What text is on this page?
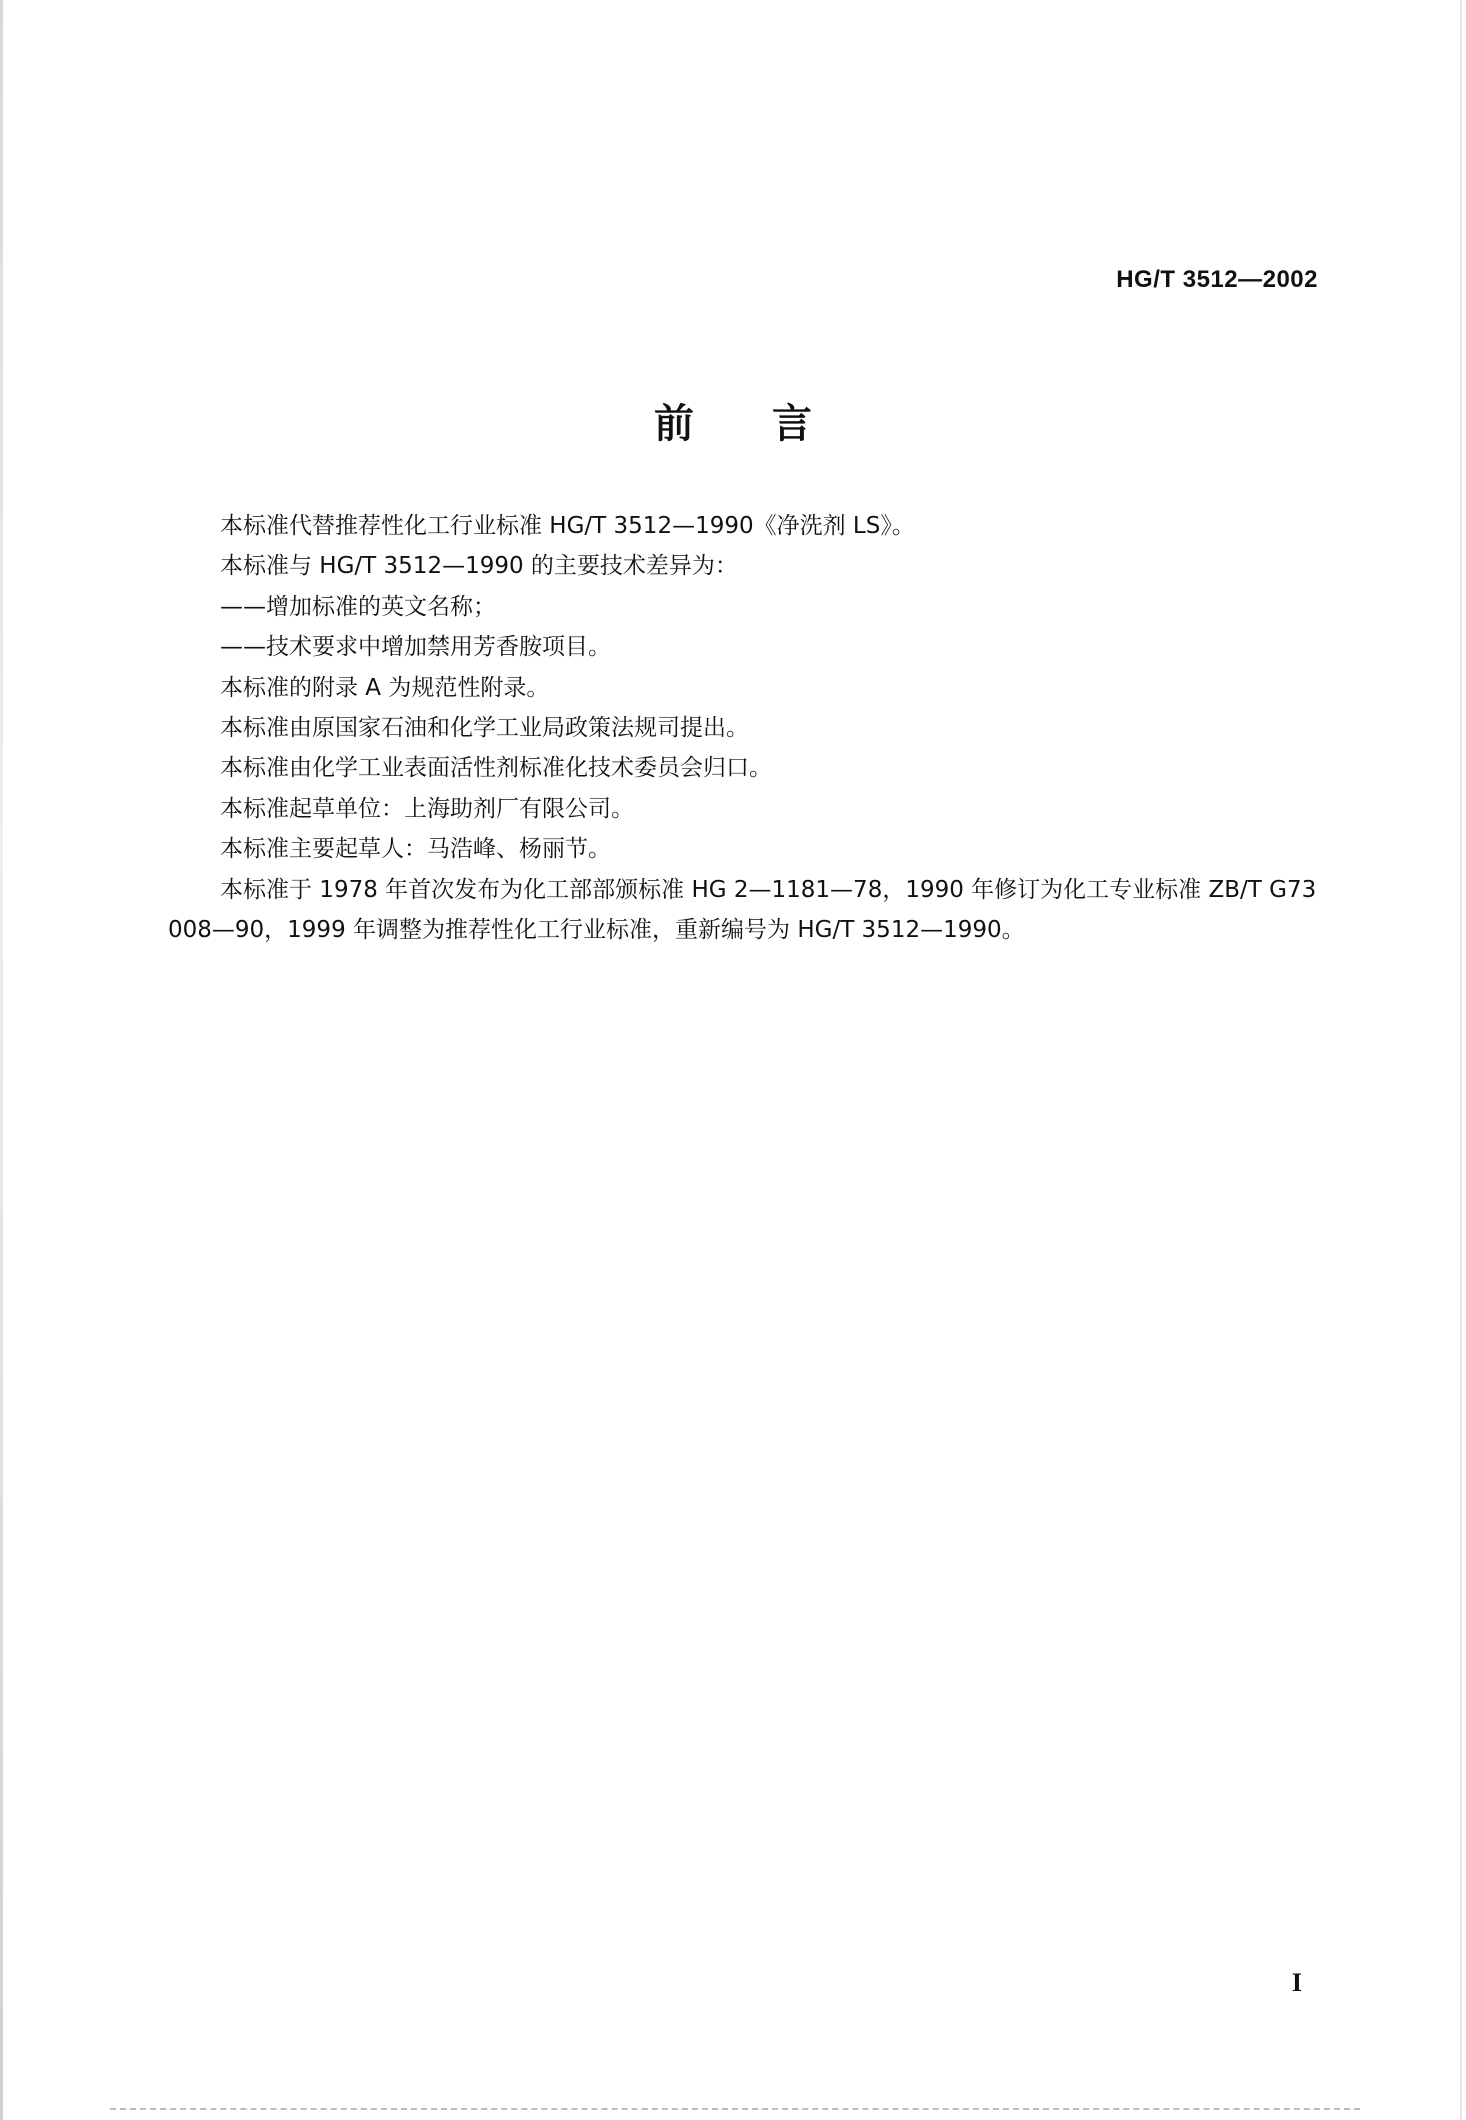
HG/T 3512—2002
前言

本标准代替推荐性化工行业标准 HG/T 3512—1990《净洗剂 LS》。

本标准与 HG/T 3512—1990 的主要技术差异为：

——增加标准的英文名称；

——技术要求中增加禁用芳香胺项目。

本标准的附录 A 为规范性附录。

本标准由原国家石油和化学工业局政策法规司提出。

本标准由化学工业表面活性剂标准化技术委员会归口。

本标准起草单位：上海助剂厂有限公司。

本标准主要起草人：马浩峰、杨丽节。

本标准于 1978 年首次发布为化工部部颁标准 HG 2—1181—78，1990 年修订为化工专业标准 ZB/T G73 008—90，1999 年调整为推荐性化工行业标准，重新编号为 HG/T 3512—1990。

I
